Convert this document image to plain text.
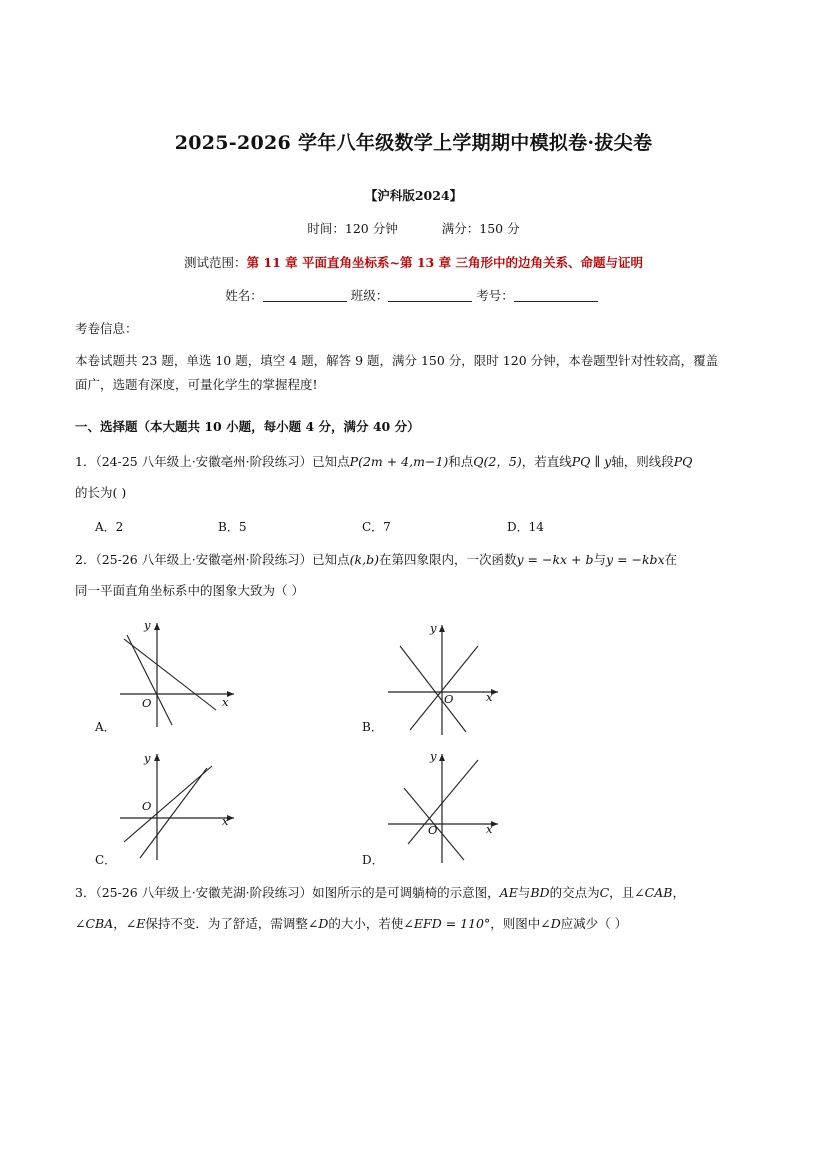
2025-2026 学年八年级数学上学期期中模拟卷·拔尖卷
【沪科版2024】
时间：120 分钟	满分：150 分
测试范围：第 11 章 平面直角坐标系~第 13 章 三角形中的边角关系、命题与证明
姓名：	班级：	考号：
考卷信息：
本卷试题共 23 题，单选 10 题，填空 4 题，解答 9 题，满分 150 分，限时 120 分钟，本卷题型针对性较高，覆盖
面广，选题有深度，可量化学生的掌握程度!
一、选择题（本大题共 10 小题，每小题 4 分，满分 40 分）
1．（24-25 八年级上·安徽亳州·阶段练习）已知点P(2m + 4,m−1)和点Q(2，5)，若直线PQ ∥ y轴，则线段PQ
的长为( )
A．2	B．5	C．7	D．14
2．（25-26 八年级上·安徽亳州·阶段练习）已知点(k,b)在第四象限内，一次函数y = −kx + b与y = −kbx在
同一平面直角坐标系中的图象大致为（ ）
y
x
O
A．
y
x
O
B．
y
x
O
C．
y
x
O
D．
3．（25-26 八年级上·安徽芜湖·阶段练习）如图所示的是可调躺椅的示意图，AE与BD的交点为C，且∠CAB，
∠CBA，∠E保持不变．为了舒适，需调整∠D的大小，若使∠EFD = 110°，则图中∠D应减少（ ）
